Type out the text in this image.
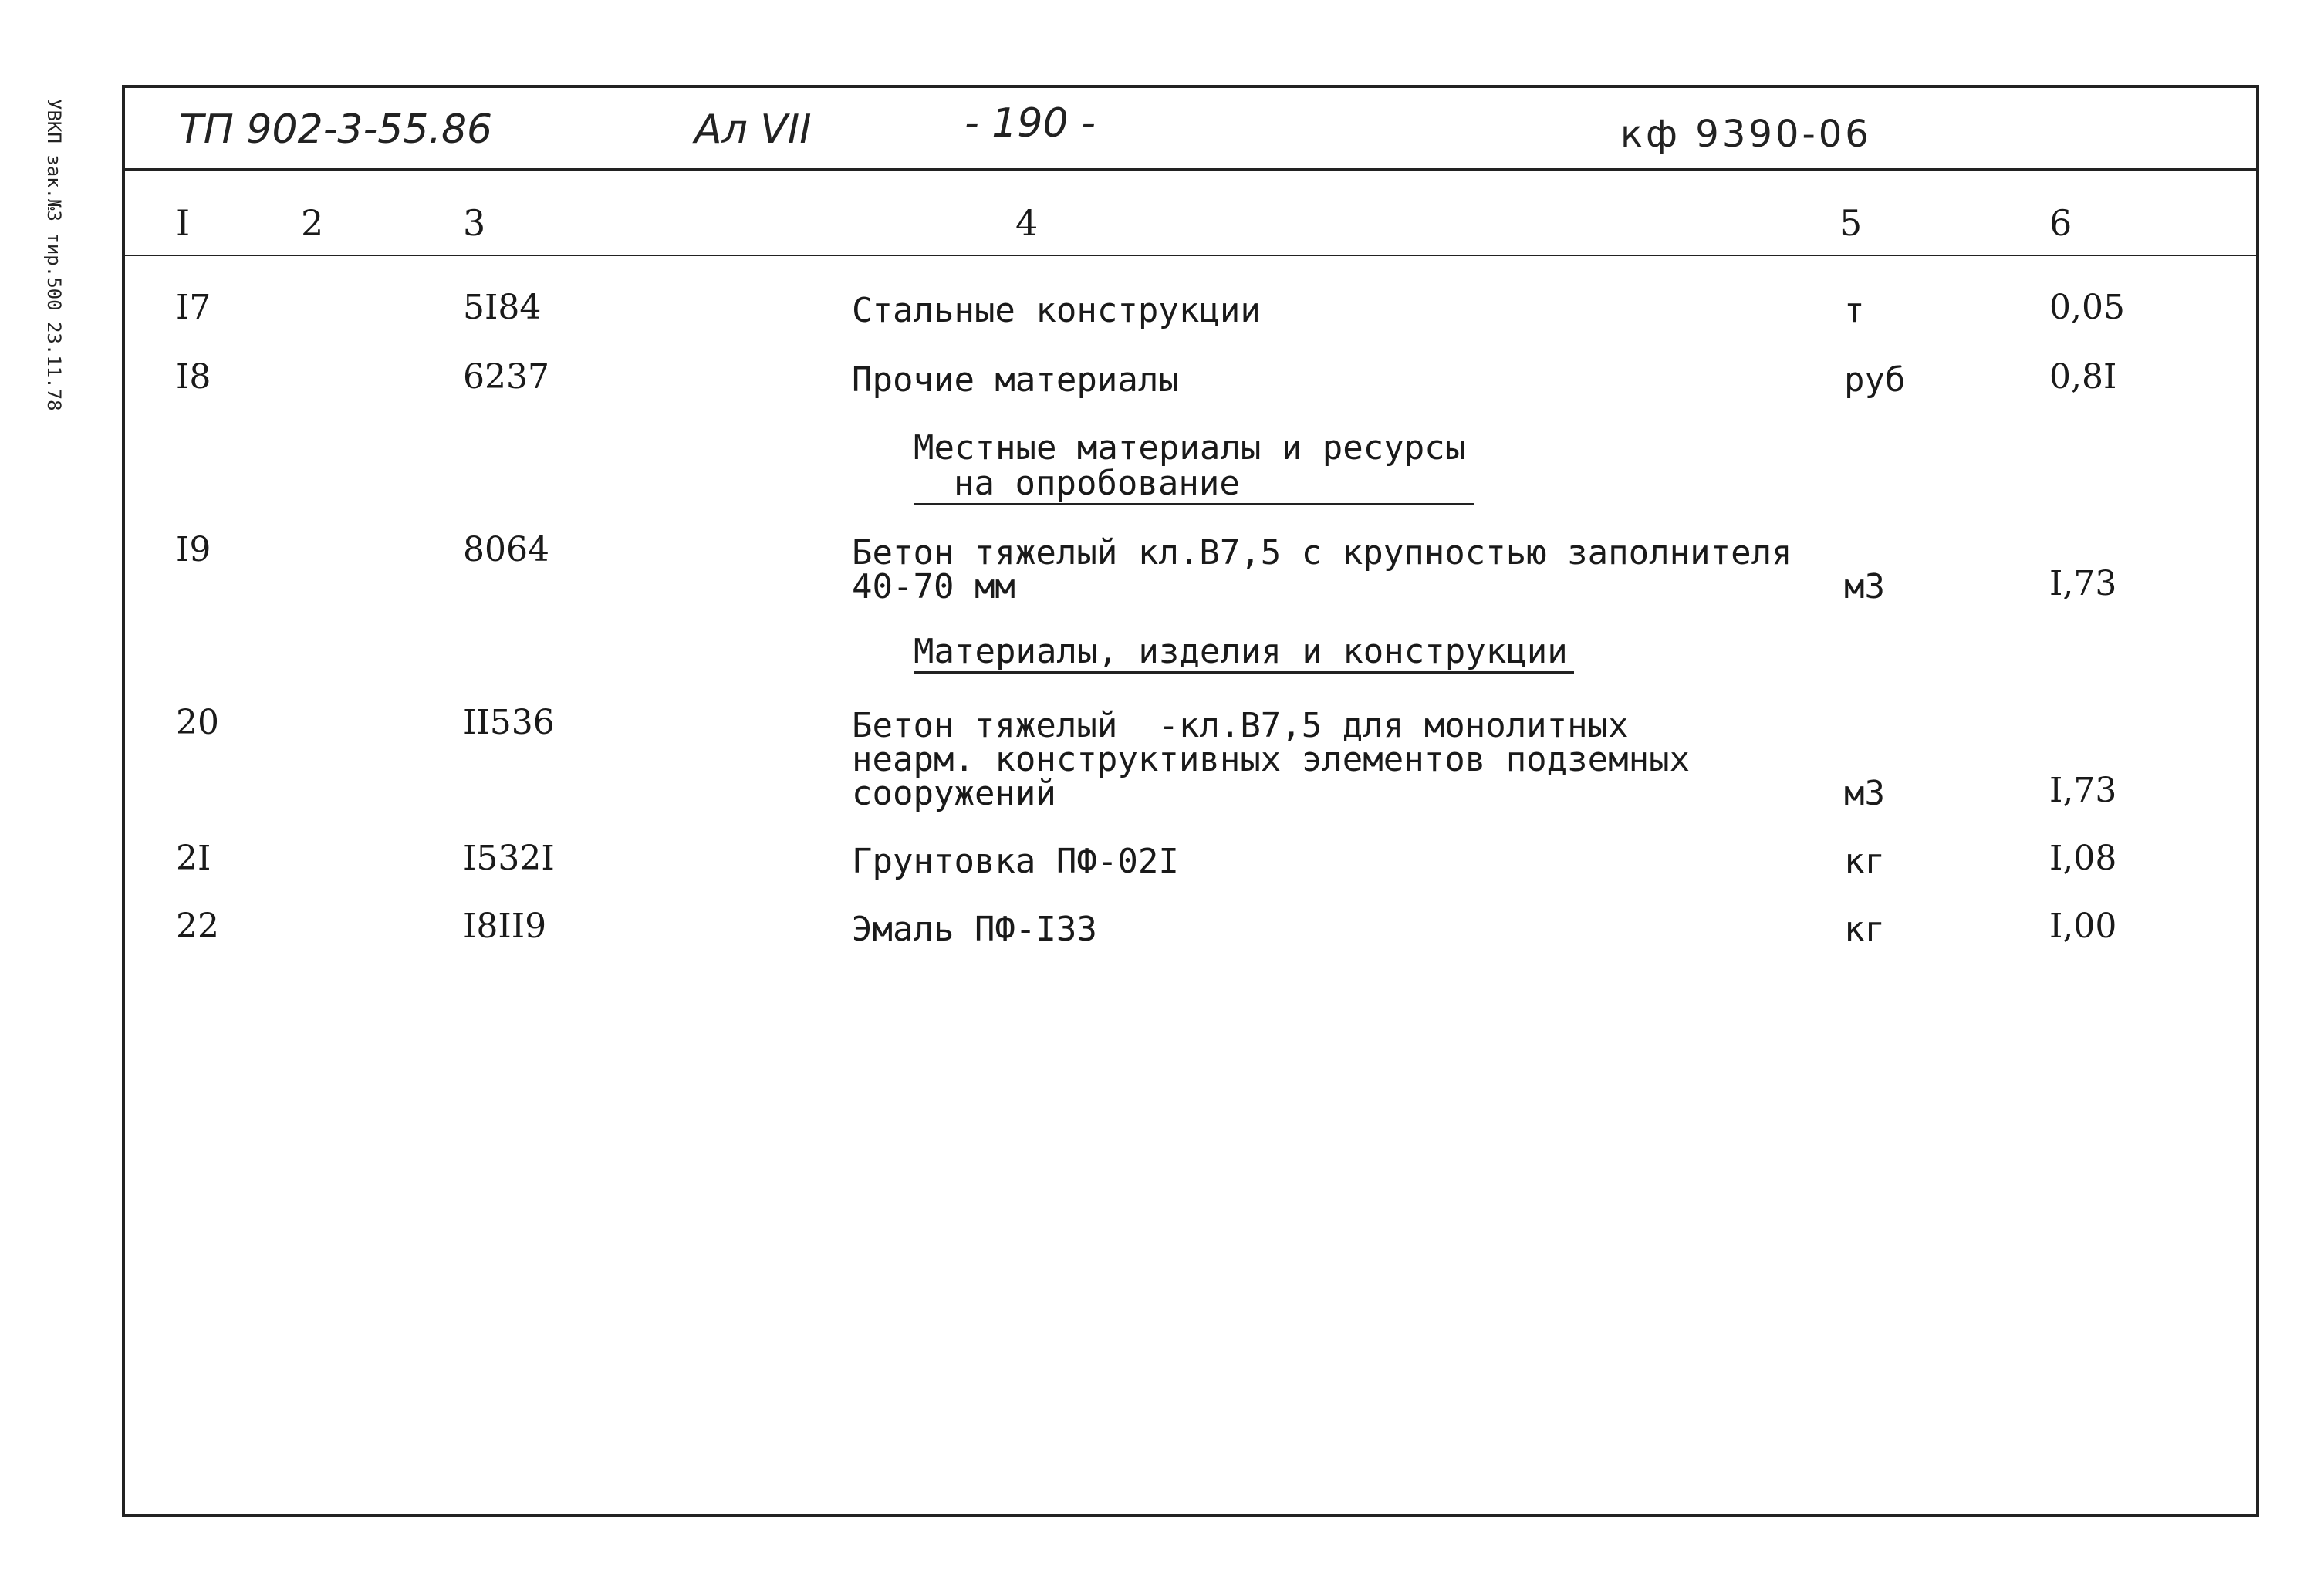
УВКП зак.№3 тир.500 23.11.78	ТП 902-3-55.86	Ал VII	- 190 -	кф 9390-06
I	2	3	4	5	6
I7	5I84	Стальные конструкции	т	0,05
I8	6237	Прочие материалы	руб	0,8I
Местные материалы и ресурсы
на опробование
I9	8064	Бетон тяжелый кл.В7,5 с крупностью заполнителя
40-70 мм	м3	I,73
Материалы, изделия и конструкции
20	II536	Бетон тяжелый  -кл.В7,5 для монолитных
неарм. конструктивных элементов подземных
сооружений	м3	I,73
2I	I532I	Грунтовка ПФ-02I	кг	I,08
22	I8II9	Эмаль ПФ-I33	кг	I,00
